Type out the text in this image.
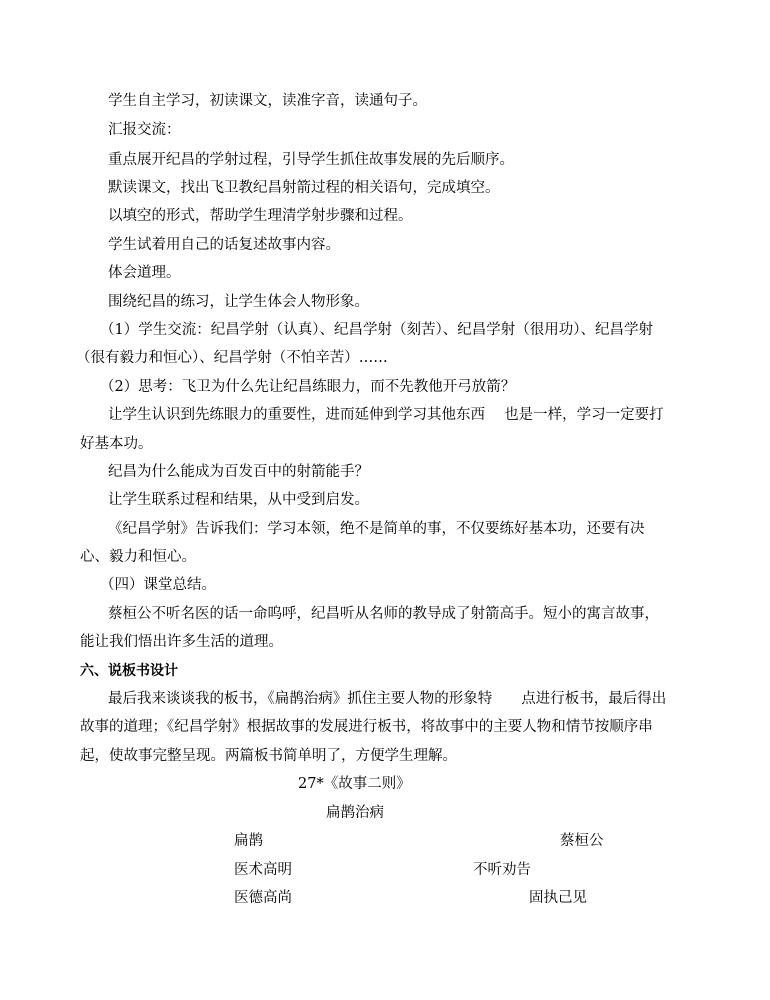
学生自主学习，初读课文，读准字音，读通句子。
汇报交流：
重点展开纪昌的学射过程，引导学生抓住故事发展的先后顺序。
默读课文，找出飞卫教纪昌射箭过程的相关语句，完成填空。
以填空的形式，帮助学生理清学射步骤和过程。
学生试着用自己的话复述故事内容。
体会道理。
围绕纪昌的练习，让学生体会人物形象。
（1）学生交流：纪昌学射（认真）、纪昌学射（刻苦）、纪昌学射（很用功）、纪昌学射
（很有毅力和恒心）、纪昌学射（不怕辛苦）……
（2）思考：飞卫为什么先让纪昌练眼力，而不先教他开弓放箭？
让学生认识到先练眼力的重要性，进而延伸到学习其他东西　 也是一样，学习一定要打
好基本功。
纪昌为什么能成为百发百中的射箭能手？
让学生联系过程和结果，从中受到启发。
《纪昌学射》告诉我们：学习本领，绝不是简单的事，不仅要练好基本功，还要有决
心、毅力和恒心。
（四）课堂总结。
蔡桓公不听名医的话一命呜呼，纪昌听从名师的教导成了射箭高手。短小的寓言故事，
能让我们悟出许多生活的道理。
六、说板书设计
最后我来谈谈我的板书，《扁鹊治病》抓住主要人物的形象特　　点进行板书，最后得出
故事的道理；《纪昌学射》根据故事的发展进行板书，将故事中的主要人物和情节按顺序串
起，使故事完整呈现。两篇板书简单明了，方便学生理解。
27*《故事二则》
扁鹊治病
扁鹊	蔡桓公
医术高明	不听劝告
医德高尚	固执己见
